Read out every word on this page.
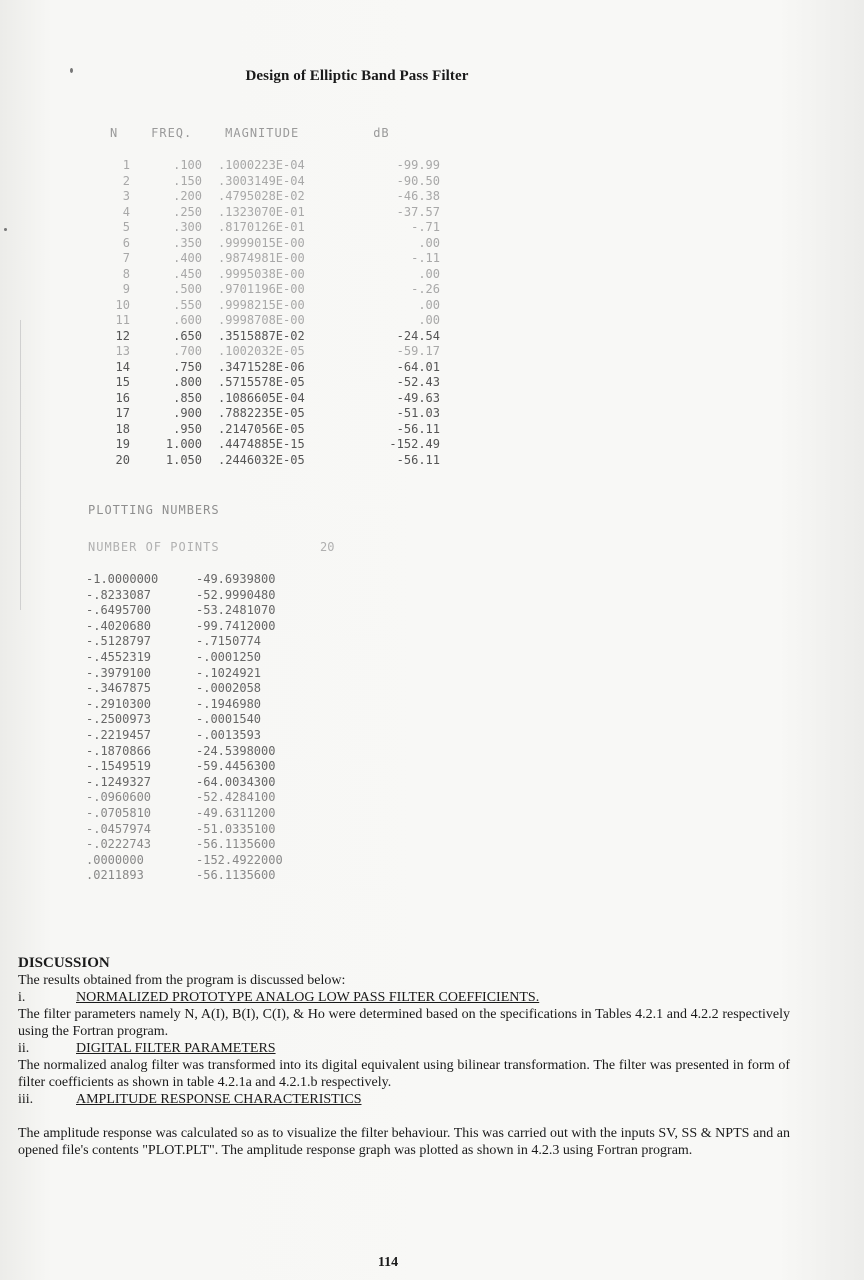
Design of Elliptic Band Pass Filter
N    FREQ.    MAGNITUDE         dB
1	.100 .1000223E-04	-99.99
2	.150 .3003149E-04	-90.50
3	.200 .4795028E-02	-46.38
4	.250 .1323070E-01	-37.57
5	.300 .8170126E-01	-.71
6	.350 .9999015E-00	.00
7	.400 .9874981E-00	-.11
8	.450 .9995038E-00	.00
9	.500 .9701196E-00	-.26
10	.550 .9998215E-00	.00
11	.600 .9998708E-00	.00
12	.650 .3515887E-02	-24.54
13	.700 .1002032E-05	-59.17
14	.750 .3471528E-06	-64.01
15	.800 .5715578E-05	-52.43
16	.850 .1086605E-04	-49.63
17	.900 .7882235E-05	-51.03
18	.950 .2147056E-05	-56.11
19	1.000 .4474885E-15	-152.49
20	1.050 .2446032E-05	-56.11
PLOTTING NUMBERS
NUMBER OF POINTS	20
-1.0000000	-49.6939800
-.8233087	-52.9990480
-.6495700	-53.2481070
-.4020680	-99.7412000
-.5128797	-.7150774
-.4552319	-.0001250
-.3979100	-.1024921
-.3467875	-.0002058
-.2910300	-.1946980
-.2500973	-.0001540
-.2219457	-.0013593
-.1870866	-24.5398000
-.1549519	-59.4456300
-.1249327	-64.0034300
-.0960600	-52.4284100
-.0705810	-49.6311200
-.0457974	-51.0335100
-.0222743	-56.1135600
.0000000	-152.4922000
.0211893	-56.1135600
DISCUSSION
The results obtained from the program is discussed below:
i.	NORMALIZED PROTOTYPE ANALOG LOW PASS FILTER COEFFICIENTS.
The filter parameters namely N, A(I), B(I), C(I), & Ho were determined based on the specifications in Tables 4.2.1 and 4.2.2 respectively using the Fortran program.
ii.	DIGITAL FILTER PARAMETERS
The normalized analog filter was transformed into its digital equivalent using bilinear transformation. The filter was presented in form of filter coefficients as shown in table 4.2.1a and 4.2.1.b respectively.
iii.	AMPLITUDE RESPONSE CHARACTERISTICS
The amplitude response was calculated so as to visualize the filter behaviour. This was carried out with the inputs SV, SS & NPTS and an opened file's contents "PLOT.PLT". The amplitude response graph was plotted as shown in 4.2.3 using Fortran program.
114
